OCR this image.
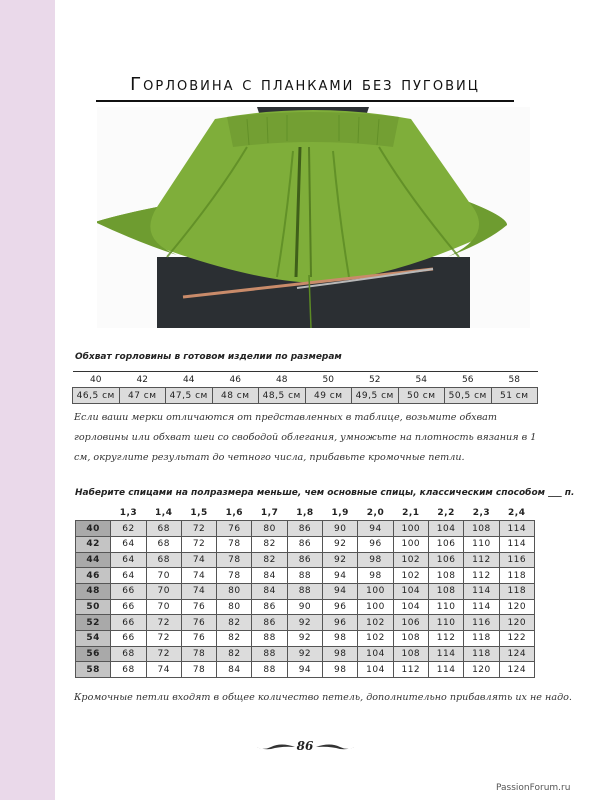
Горловина с планками без пуговиц
Обхват горловины в готовом изделии по размерам
40	42	44	46	48	50	52	54	56	58
46,5 см	47 см	47,5 см	48 см	48,5 см	49 см	49,5 см	50 см	50,5 см	51 см
Если ваши мерки отличаются от представленных в таблице, возьмите обхват горловины или обхват шеи со свободой облегания, умножьте на плотность вязания в 1 см, округлите результат до четного числа, прибавьте кромочные петли.
Наберите спицами на полразмера меньше, чем основные спицы, классическим способом ___ п.
	1,3	1,4	1,5	1,6	1,7	1,8	1,9	2,0	2,1	2,2	2,3	2,4
40	62	68	72	76	80	86	90	94	100	104	108	114
42	64	68	72	78	82	86	92	96	100	106	110	114
44	64	68	74	78	82	86	92	98	102	106	112	116
46	64	70	74	78	84	88	94	98	102	108	112	118
48	66	70	74	80	84	88	94	100	104	108	114	118
50	66	70	76	80	86	90	96	100	104	110	114	120
52	66	72	76	82	86	92	96	102	106	110	116	120
54	66	72	76	82	88	92	98	102	108	112	118	122
56	68	72	78	82	88	92	98	104	108	114	118	124
58	68	74	78	84	88	94	98	104	112	114	120	124
Кромочные петли входят в общее количество петель, дополнительно прибавлять их не надо.
86
PassionForum.ru
